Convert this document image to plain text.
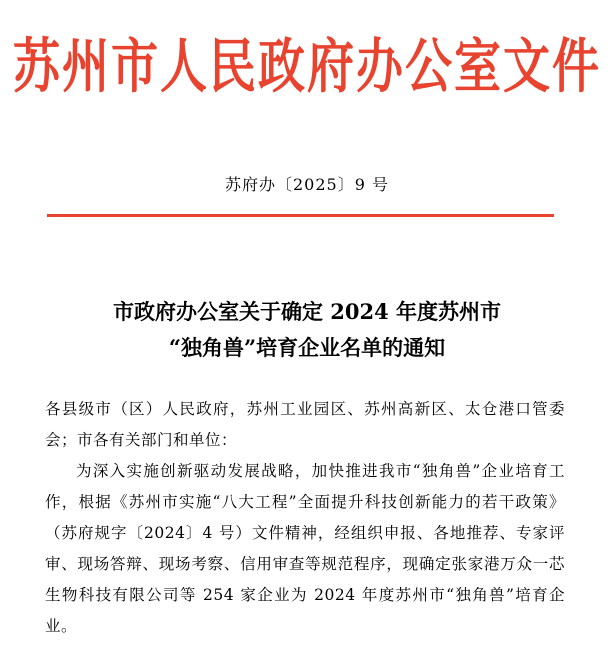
苏州市人民政府办公室文件
苏府办〔2025〕9 号
市政府办公室关于确定 2024 年度苏州市
“独角兽”培育企业名单的通知

各县级市（区）人民政府，苏州工业园区、苏州高新区、太仓港口管委会；市各有关部门和单位：

为深入实施创新驱动发展战略，加快推进我市“独角兽”企业培育工作，根据《苏州市实施“八大工程”全面提升科技创新能力的若干政策》（苏府规字〔2024〕4 号）文件精神，经组织申报、各地推荐、专家评审、现场答辩、现场考察、信用审查等规范程序，现确定张家港万众一芯生物科技有限公司等 254 家企业为 2024 年度苏州市“独角兽”培育企业。
